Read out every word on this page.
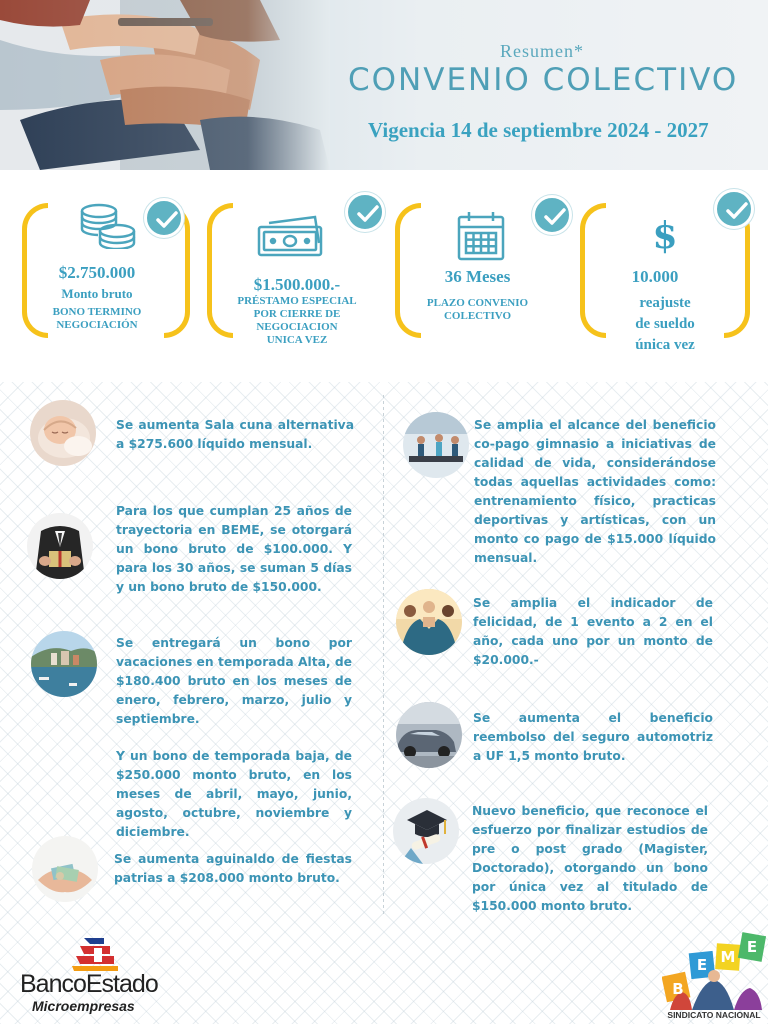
Resumen*
CONVENIO COLECTIVO
Vigencia 14 de septiembre 2024 - 2027
$2.750.000
Monto bruto
BONO TERMINO
NEGOCIACIÓN
$1.500.000.-
PRÉSTAMO ESPECIAL
POR CIERRE DE
NEGOCIACION
UNICA VEZ
36 Meses
PLAZO CONVENIO
COLECTIVO
$
10.000
reajuste
de sueldo
única vez
Se aumenta Sala cuna alternativa a $275.600 líquido mensual.
Para los que cumplan 25 años de trayectoria en BEME, se otorgará un bono bruto de $100.000. Y para los 30 años, se suman 5 días y un bono bruto de $150.000.
Se entregará un bono por vacaciones en temporada Alta, de $180.400 bruto en los meses de enero, febrero, marzo, julio y septiembre.
Y un bono de temporada baja, de $250.000 monto bruto, en los meses de abril, mayo, junio, agosto, octubre, noviembre y diciembre.
Se aumenta aguinaldo de fiestas patrias a $208.000 monto bruto.
Se amplia el alcance del beneficio co-pago gimnasio a iniciativas de calidad de vida, considerándose todas aquellas actividades como: entrenamiento físico, practicas deportivas y artísticas, con un monto co pago de $15.000 líquido mensual.
Se amplia el indicador de felicidad, de 1 evento a 2 en el año, cada uno por un monto de $20.000.-
Se aumenta el beneficio reembolso del seguro automotriz a UF 1,5 monto bruto.
Nuevo beneficio, que reconoce el esfuerzo por finalizar estudios de pre o post grado (Magister, Doctorado), otorgando un bono por única vez al titulado de $150.000 monto bruto.
BancoEstado
Microempresas
B
E M
E
SINDICATO NACIONAL
